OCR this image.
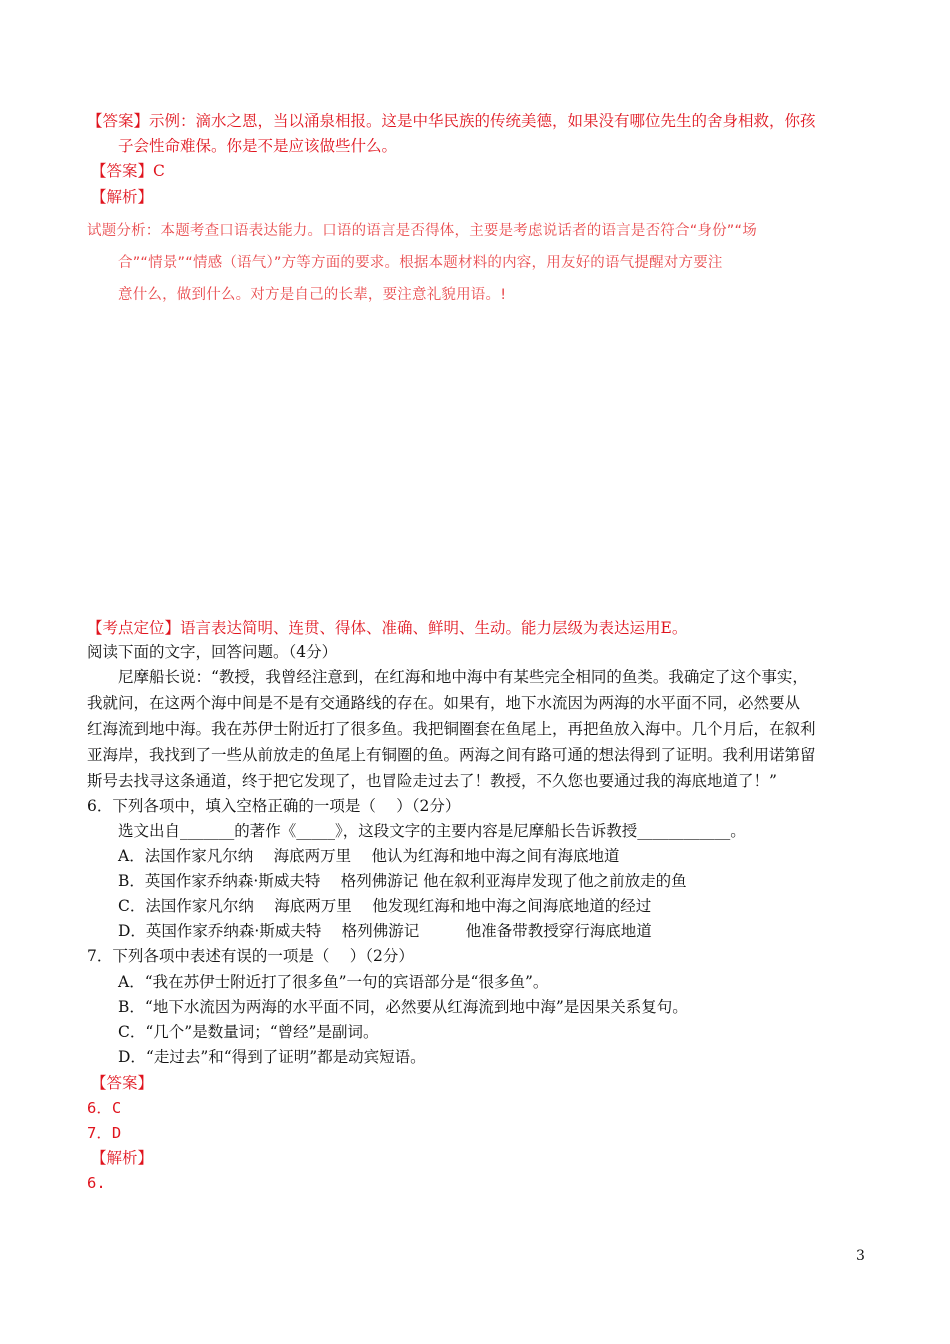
【答案】示例：滴水之恩，当以涌泉相报。这是中华民族的传统美德，如果没有哪位先生的舍身相救，你孩
子会性命难保。你是不是应该做些什么。
【答案】C
【解析】
试题分析：本题考查口语表达能力。口语的语言是否得体，主要是考虑说话者的语言是否符合“身份”“场
合”“情景”“情感（语气）”方等方面的要求。根据本题材料的内容，用友好的语气提醒对方要注
意什么，做到什么。对方是自己的长辈，要注意礼貌用语。!
【考点定位】语言表达简明、连贯、得体、准确、鲜明、生动。能力层级为表达运用E。
阅读下面的文字，回答问题。（4分）
尼摩船长说：“教授，我曾经注意到，在红海和地中海中有某些完全相同的鱼类。我确定了这个事实，
我就问，在这两个海中间是不是有交通路线的存在。如果有，地下水流因为两海的水平面不同，必然要从
红海流到地中海。我在苏伊士附近打了很多鱼。我把铜圈套在鱼尾上，再把鱼放入海中。几个月后，在叙利
亚海岸，我找到了一些从前放走的鱼尾上有铜圈的鱼。两海之间有路可通的想法得到了证明。我利用诺第留
斯号去找寻这条通道，终于把它发现了，也冒险走过去了！教授，不久您也要通过我的海底地道了！”
6．下列各项中，填入空格正确的一项是（　 ）（2分）
选文出自_______的著作《_____》，这段文字的主要内容是尼摩船长告诉教授____________。
A．法国作家凡尔纳　 海底两万里　 他认为红海和地中海之间有海底地道
B．英国作家乔纳森·斯威夫特　 格列佛游记 他在叙利亚海岸发现了他之前放走的鱼
C．法国作家凡尔纳　 海底两万里　 他发现红海和地中海之间海底地道的经过
D．英国作家乔纳森·斯威夫特　 格列佛游记　　　他准备带教授穿行海底地道
7．下列各项中表述有误的一项是（　 ）（2分）
A．“我在苏伊士附近打了很多鱼”一句的宾语部分是“很多鱼”。
B．“地下水流因为两海的水平面不同，必然要从红海流到地中海”是因果关系复句。
C．“几个”是数量词；“曾经”是副词。
D．“走过去”和“得到了证明”都是动宾短语。
【答案】
6．C
7．D
【解析】
6.
3
